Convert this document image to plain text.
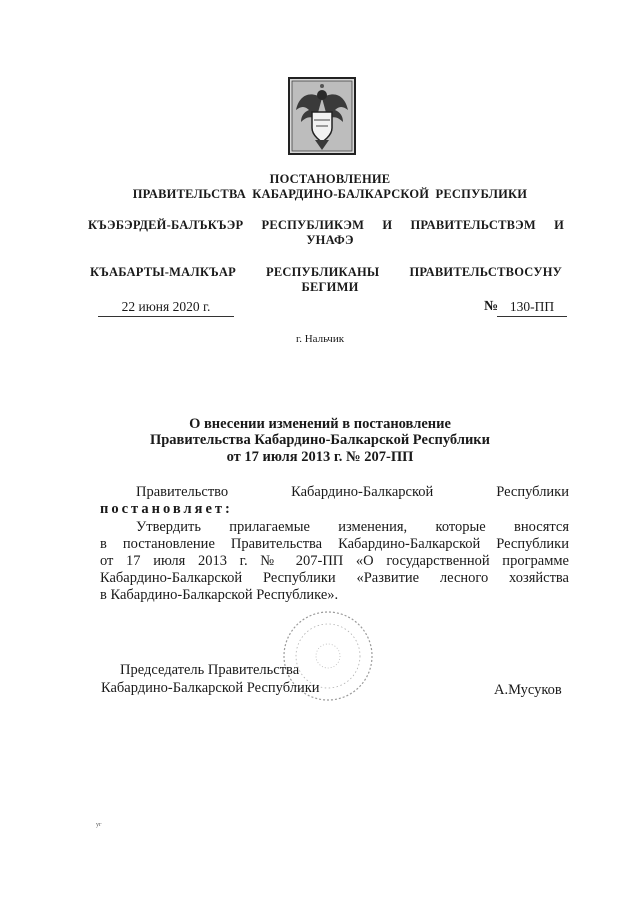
ПОСТАНОВЛЕНИЕ
ПРАВИТЕЛЬСТВА КАБАРДИНО-БАЛКАРСКОЙ РЕСПУБЛИКИ
КЪЭБЭРДЕЙ-БАЛЪКЪЭР РЕСПУБЛИКЭМ И ПРАВИТЕЛЬСТВЭМ И
УНАФЭ
КЪАБАРТЫ-МАЛКЪАР РЕСПУБЛИКАНЫ ПРАВИТЕЛЬСТВОСУНУ
БЕГИМИ
22 июня 2020 г.	№ 130-ПП
г. Нальчик
О внесении изменений в постановление
Правительства Кабардино-Балкарской Республики
от 17 июля 2013 г. № 207-ПП
Правительство	Кабардино-Балкарской	Республики
постановляет:
Утвердить прилагаемые изменения, которые вносятся
в постановление Правительства Кабардино-Балкарской Республики
от 17 июля 2013 г. № 207-ПП «О государственной программе
Кабардино-Балкарской Республики «Развитие лесного хозяйства
в Кабардино-Балкарской Республике».
Председатель Правительства
Кабардино-Балкарской Республики	А.Мусуков
уг
